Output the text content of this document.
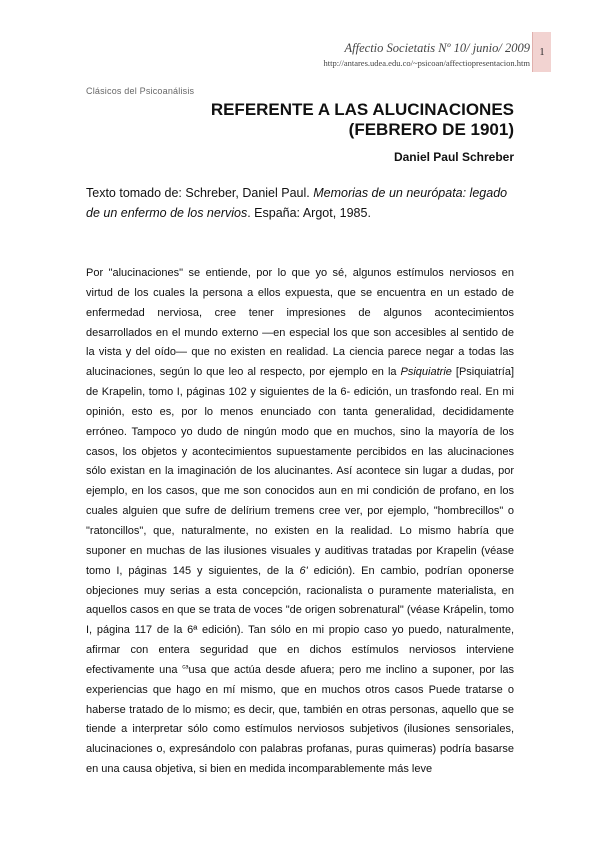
Affectio Societatis Nº 10/ junio/ 2009
http://antares.udea.edu.co/~psicoan/affectiopresentacion.htm
1
Clásicos del Psicoanálisis
REFERENTE A LAS ALUCINACIONES
(FEBRERO DE 1901)
Daniel Paul Schreber
Texto tomado de: Schreber, Daniel Paul. Memorias de un neurópata: legado de un enfermo de los nervios. España: Argot, 1985.

Por "alucinaciones" se entiende, por lo que yo sé, algunos estímulos nerviosos en virtud de los cuales la persona a ellos expuesta, que se encuentra en un estado de enfermedad nerviosa, cree tener impresiones de algunos acontecimientos desarrollados en el mundo externo —en especial los que son accesibles al sentido de la vista y del oído— que no existen en realidad. La ciencia parece negar a todas las alucinaciones, según lo que leo al respecto, por ejemplo en la Psiquiatrie [Psiquiatría] de Krapelin, tomo I, páginas 102 y siguientes de la 6- edición, un trasfondo real. En mi opinión, esto es, por lo menos enunciado con tanta generalidad, decididamente erróneo. Tampoco yo dudo de ningún modo que en muchos, sino la mayoría de los casos, los objetos y acontecimientos supuestamente percibidos en las alucinaciones sólo existan en la imaginación de los alucinantes. Así acontece sin lugar a dudas, por ejemplo, en los casos, que me son conocidos aun en mi condición de profano, en los cuales alguien que sufre de delírium tremens cree ver, por ejemplo, "hombrecillos" o "ratoncillos", que, naturalmente, no existen en la realidad. Lo mismo habría que suponer en muchas de las ilusiones visuales y auditivas tratadas por Krapelin (véase tomo I, páginas 145 y siguientes, de la 6' edición). En cambio, podrían oponerse objeciones muy serias a esta concepción, racionalista o puramente materialista, en aquellos casos en que se trata de voces "de origen sobrenatural" (véase Krápelin, tomo I, página 117 de la 6ª edición). Tan sólo en mi propio caso yo puedo, naturalmente, afirmar con entera seguridad que en dichos estímulos nerviosos interviene efectivamente una $^{ca}$usa que actúa desde afuera; pero me inclino a suponer, por las experiencias que hago en mí mismo, que en muchos otros casos Puede tratarse o haberse tratado de lo mismo; es decir, que, también en otras personas, aquello que se tiende a interpretar sólo como estímulos nerviosos subjetivos (ilusiones sensoriales, alucinaciones o, expresándolo con palabras profanas, puras quimeras) podría basarse en una causa objetiva, si bien en medida incomparablemente más leve
